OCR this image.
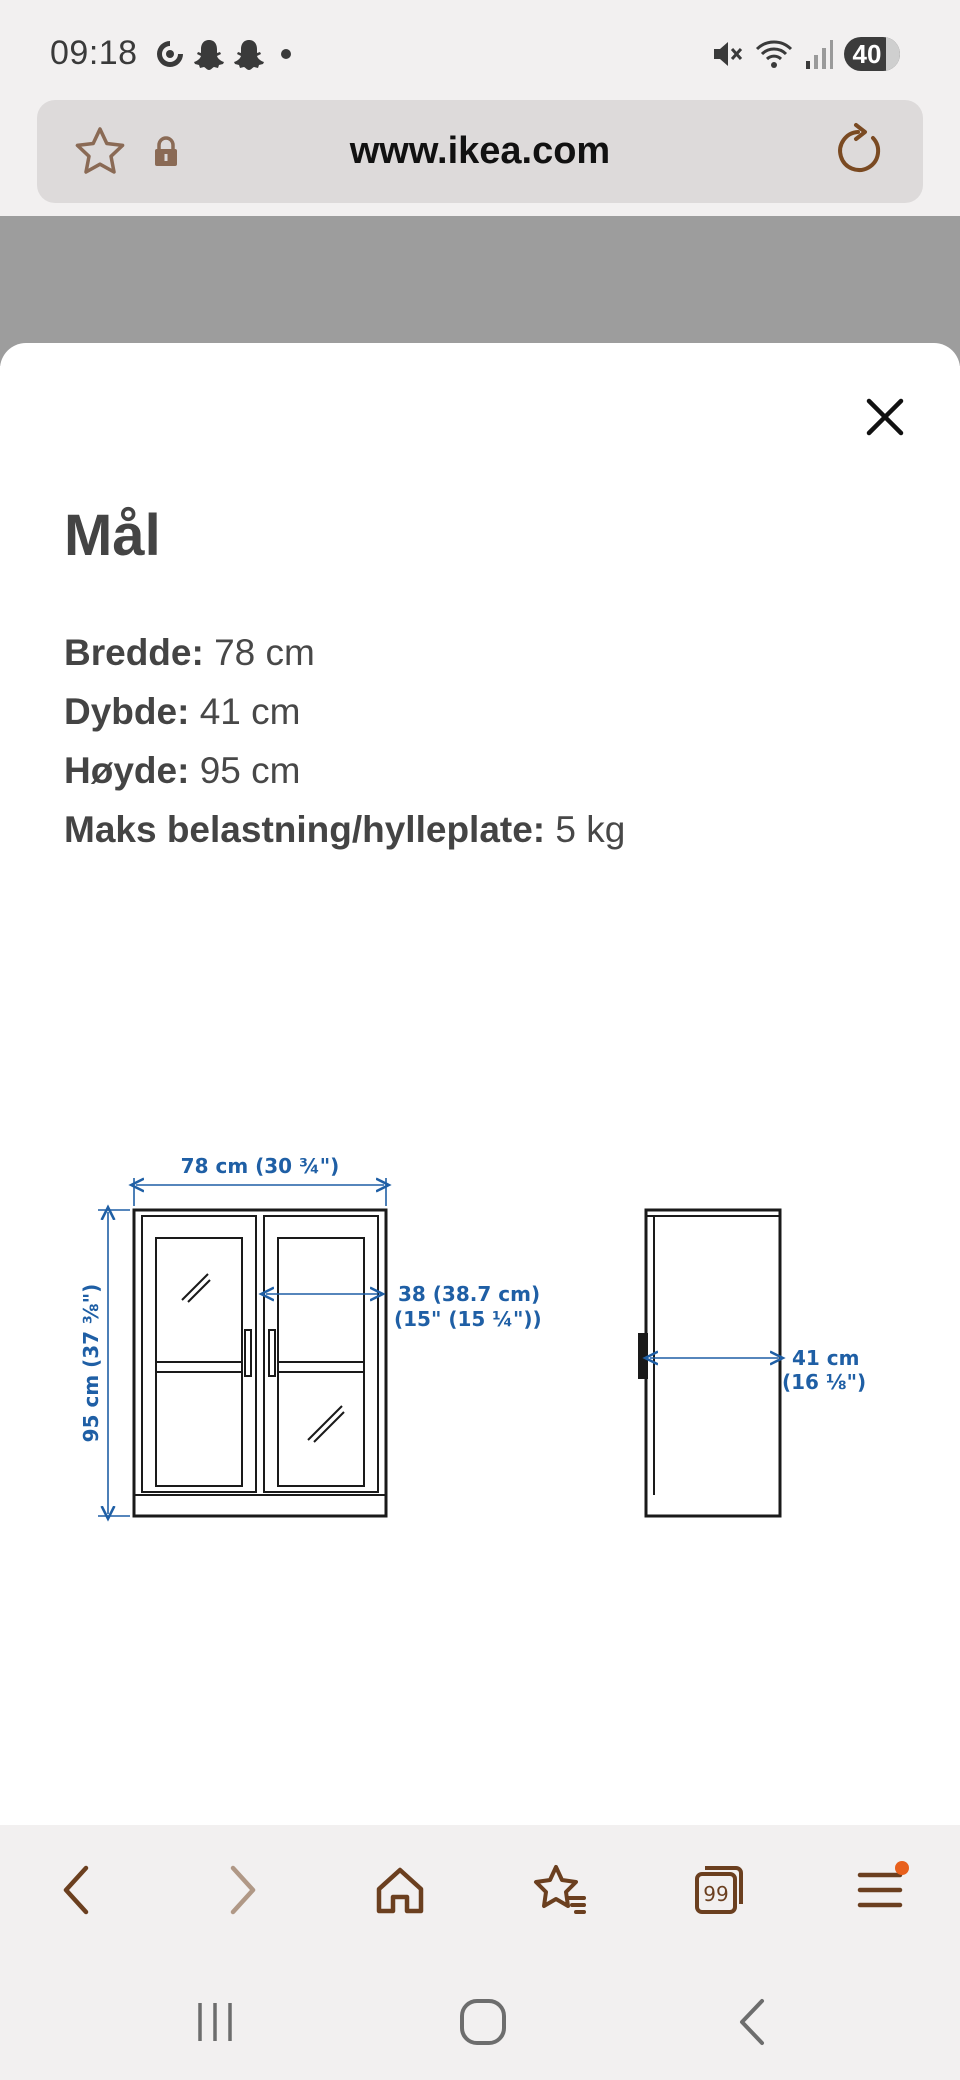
09:18	40
www.ikea.com
Mål
Bredde: 78 cm
Dybde: 41 cm
Høyde: 95 cm
Maks belastning/hylleplate: 5 kg
78 cm (30 ¾")
95 cm (37 ⅜")	38 (38.7 cm)
(15" (15 ¼"))
41 cm
(16 ⅛")
99
